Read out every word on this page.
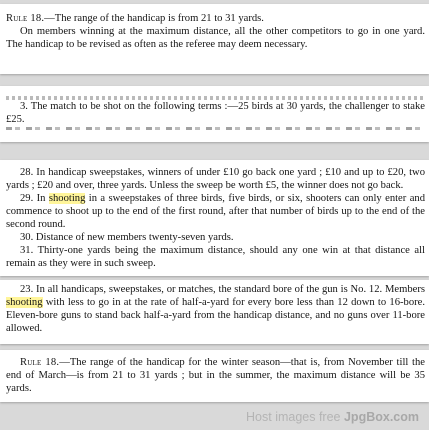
Rule 18.—The range of the handicap is from 21 to 31 yards.

On members winning at the maximum distance, all the other competitors to go in one yard. The handicap to be revised as often as the referee may deem necessary.

3. The match to be shot on the following terms :—25 birds at 30 yards, the challenger to stake £25.

28. In handicap sweepstakes, winners of under £10 go back one yard ; £10 and up to £20, two yards ; £20 and over, three yards. Unless the sweep be worth £5, the winner does not go back.

29. In shooting in a sweepstakes of three birds, five birds, or six, shooters can only enter and commence to shoot up to the end of the first round, after that number of birds up to the end of the second round.

30. Distance of new members twenty-seven yards.

31. Thirty-one yards being the maximum distance, should any one win at that distance all remain as they were in such sweep.

23. In all handicaps, sweepstakes, or matches, the standard bore of the gun is No. 12. Members shooting with less to go in at the rate of half-a-yard for every bore less than 12 down to 16-bore. Eleven-bore guns to stand back half-a-yard from the handicap distance, and no guns over 11-bore allowed.

Rule 18.—The range of the handicap for the winter season—that is, from November till the end of March—is from 21 to 31 yards ; but in the summer, the maximum distance will be 35 yards.

Host images free JpgBox.com
